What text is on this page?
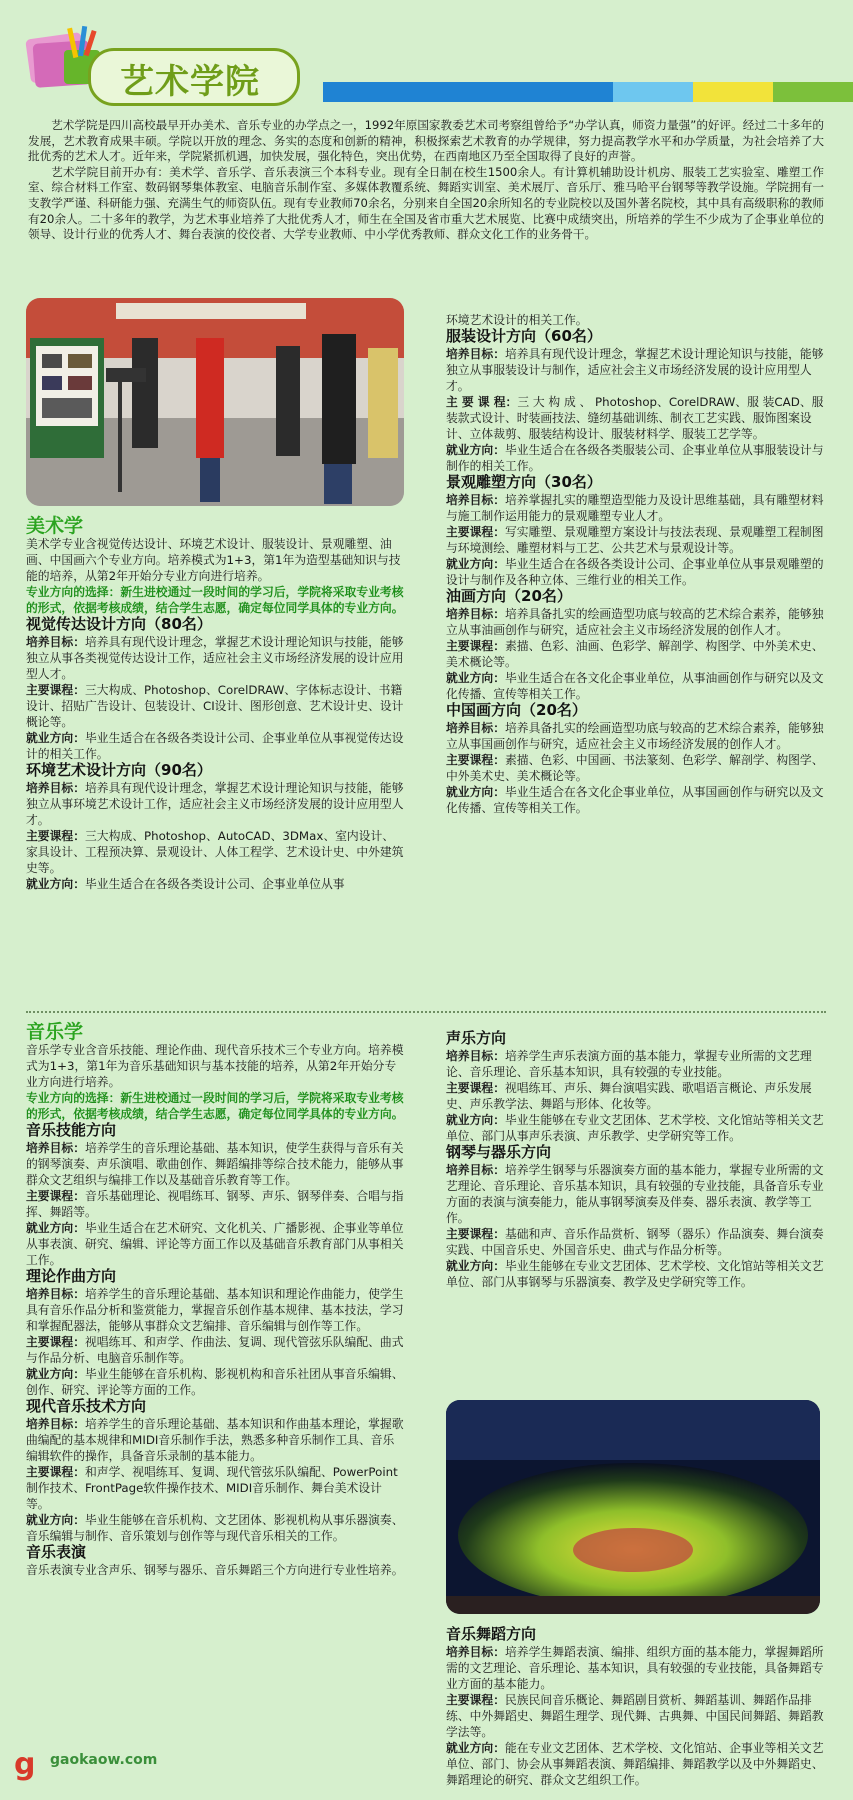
艺术学院

艺术学院是四川高校最早开办美术、音乐专业的办学点之一，1992年原国家教委艺术司考察组曾给予“办学认真，师资力量强”的好评。经过二十多年的发展，艺术教育成果丰硕。学院以开放的理念、务实的态度和创新的精神，积极探索艺术教育的办学规律，努力提高教学水平和办学质量，为社会培养了大批优秀的艺术人才。近年来，学院紧抓机遇，加快发展，强化特色，突出优势，在西南地区乃至全国取得了良好的声誉。

艺术学院目前开办有：美术学、音乐学、音乐表演三个本科专业。现有全日制在校生1500余人。有计算机辅助设计机房、服装工艺实验室、雕塑工作室、综合材料工作室、数码钢琴集体教室、电脑音乐制作室、多媒体教覆系统、舞蹈实训室、美术展厅、音乐厅、雅马哈平台钢琴等教学设施。学院拥有一支教学严谨、科研能力强、充满生气的师资队伍。现有专业教师70余名，分别来自全国20余所知名的专业院校以及国外著名院校，其中具有高级职称的教师有20余人。二十多年的教学，为艺术事业培养了大批优秀人才，师生在全国及省市重大艺术展览、比赛中成绩突出，所培养的学生不少成为了企事业单位的领导、设计行业的优秀人才、舞台表演的佼佼者、大学专业教师、中小学优秀教师、群众文化工作的业务骨干。

美术学

美术学专业含视觉传达设计、环境艺术设计、服装设计、景观雕塑、油画、中国画六个专业方向。培养模式为1+3，第1年为造型基础知识与技能的培养，从第2年开始分专业方向进行培养。

专业方向的选择：新生进校通过一段时间的学习后，学院将采取专业考核的形式，依据考核成绩，结合学生志愿，确定每位同学具体的专业方向。

视觉传达设计方向（80名）

培养目标：培养具有现代设计理念，掌握艺术设计理论知识与技能，能够独立从事各类视觉传达设计工作，适应社会主义市场经济发展的设计应用型人才。

主要课程：三大构成、Photoshop、CorelDRAW、字体标志设计、书籍设计、招贴广告设计、包装设计、CI设计、图形创意、艺术设计史、设计概论等。

就业方向：毕业生适合在各级各类设计公司、企事业单位从事视觉传达设计的相关工作。

环境艺术设计方向（90名）

培养目标：培养具有现代设计理念，掌握艺术设计理论知识与技能，能够独立从事环境艺术设计工作，适应社会主义市场经济发展的设计应用型人才。

主要课程：三大构成、Photoshop、AutoCAD、3DMax、室内设计、家具设计、工程预决算、景观设计、人体工程学、艺术设计史、中外建筑史等。

就业方向：毕业生适合在各级各类设计公司、企事业单位从事

环境艺术设计的相关工作。

服装设计方向（60名）

培养目标：培养具有现代设计理念，掌握艺术设计理论知识与技能，能够独立从事服装设计与制作，适应社会主义市场经济发展的设计应用型人才。

主 要 课 程：三 大 构 成 、 Photoshop、CorelDRAW、服 装CAD、服装款式设计、时装画技法、缝纫基础训练、制衣工艺实践、服饰图案设计、立体裁剪、服装结构设计、服装材料学、服装工艺学等。

就业方向：毕业生适合在各级各类服装公司、企事业单位从事服装设计与制作的相关工作。

景观雕塑方向（30名）

培养目标：培养掌握扎实的雕塑造型能力及设计思维基础，具有雕塑材料与施工制作运用能力的景观雕塑专业人才。

主要课程：写实雕塑、景观雕塑方案设计与技法表现、景观雕塑工程制图与环境测绘、雕塑材料与工艺、公共艺术与景观设计等。

就业方向：毕业生适合在各级各类设计公司、企事业单位从事景观雕塑的设计与制作及各种立体、三维行业的相关工作。

油画方向（20名）

培养目标：培养具备扎实的绘画造型功底与较高的艺术综合素养，能够独立从事油画创作与研究，适应社会主义市场经济发展的创作人才。

主要课程：素描、色彩、油画、色彩学、解剖学、构图学、中外美术史、美术概论等。

就业方向：毕业生适合在各文化企事业单位，从事油画创作与研究以及文化传播、宣传等相关工作。

中国画方向（20名）

培养目标：培养具备扎实的绘画造型功底与较高的艺术综合素养，能够独立从事国画创作与研究，适应社会主义市场经济发展的创作人才。

主要课程：素描、色彩、中国画、书法篆刻、色彩学、解剖学、构图学、中外美术史、美术概论等。

就业方向：毕业生适合在各文化企事业单位，从事国画创作与研究以及文化传播、宣传等相关工作。

音乐学

音乐学专业含音乐技能、理论作曲、现代音乐技术三个专业方向。培养模式为1+3，第1年为音乐基础知识与基本技能的培养，从第2年开始分专业方向进行培养。

专业方向的选择：新生进校通过一段时间的学习后，学院将采取专业考核的形式，依据考核成绩，结合学生志愿，确定每位同学具体的专业方向。

音乐技能方向

培养目标：培养学生的音乐理论基础、基本知识，使学生获得与音乐有关的钢琴演奏、声乐演唱、歌曲创作、舞蹈编排等综合技术能力，能够从事群众文艺组织与编排工作以及基础音乐教育等工作。

主要课程：音乐基础理论、视唱练耳、钢琴、声乐、钢琴伴奏、合唱与指挥、舞蹈等。

就业方向：毕业生适合在艺术研究、文化机关、广播影视、企事业等单位从事表演、研究、编辑、评论等方面工作以及基础音乐教育部门从事相关工作。

理论作曲方向

培养目标：培养学生的音乐理论基础、基本知识和理论作曲能力，使学生具有音乐作品分析和鉴赏能力，掌握音乐创作基本规律、基本技法，学习和掌握配器法，能够从事群众文艺编排、音乐编辑与创作等工作。

主要课程：视唱练耳、和声学、作曲法、复调、现代管弦乐队编配、曲式与作品分析、电脑音乐制作等。

就业方向：毕业生能够在音乐机构、影视机构和音乐社团从事音乐编辑、创作、研究、评论等方面的工作。

现代音乐技术方向

培养目标：培养学生的音乐理论基础、基本知识和作曲基本理论，掌握歌曲编配的基本规律和MIDI音乐制作手法，熟悉多种音乐制作工具、音乐编辑软件的操作，具备音乐录制的基本能力。

主要课程：和声学、视唱练耳、复调、现代管弦乐队编配、PowerPoint制作技术、FrontPage软件操作技术、MIDI音乐制作、舞台美术设计等。

就业方向：毕业生能够在音乐机构、文艺团体、影视机构从事乐器演奏、音乐编辑与制作、音乐策划与创作等与现代音乐相关的工作。

音乐表演

音乐表演专业含声乐、钢琴与器乐、音乐舞蹈三个方向进行专业性培养。

声乐方向

培养目标：培养学生声乐表演方面的基本能力，掌握专业所需的文艺理论、音乐理论、音乐基本知识，具有较强的专业技能。

主要课程：视唱练耳、声乐、舞台演唱实践、歌唱语言概论、声乐发展史、声乐教学法、舞蹈与形体、化妆等。

就业方向：毕业生能够在专业文艺团体、艺术学校、文化馆站等相关文艺单位、部门从事声乐表演、声乐教学、史学研究等工作。

钢琴与器乐方向

培养目标：培养学生钢琴与乐器演奏方面的基本能力，掌握专业所需的文艺理论、音乐理论、音乐基本知识，具有较强的专业技能，具备音乐专业方面的表演与演奏能力，能从事钢琴演奏及伴奏、器乐表演、教学等工作。

主要课程：基础和声、音乐作品赏析、钢琴（器乐）作品演奏、舞台演奏实践、中国音乐史、外国音乐史、曲式与作品分析等。

就业方向：毕业生能够在专业文艺团体、艺术学校、文化馆站等相关文艺单位、部门从事钢琴与乐器演奏、教学及史学研究等工作。

音乐舞蹈方向

培养目标：培养学生舞蹈表演、编排、组织方面的基本能力，掌握舞蹈所需的文艺理论、音乐理论、基本知识，具有较强的专业技能，具备舞蹈专业方面的基本能力。

主要课程：民族民间音乐概论、舞蹈剧目赏析、舞蹈基训、舞蹈作品排练、中外舞蹈史、舞蹈生理学、现代舞、古典舞、中国民间舞蹈、舞蹈教学法等。

就业方向：能在专业文艺团体、艺术学校、文化馆站、企事业等相关文艺单位、部门、协会从事舞蹈表演、舞蹈编排、舞蹈教学以及中外舞蹈史、舞蹈理论的研究、群众文艺组织工作。

g gaokaow.com
